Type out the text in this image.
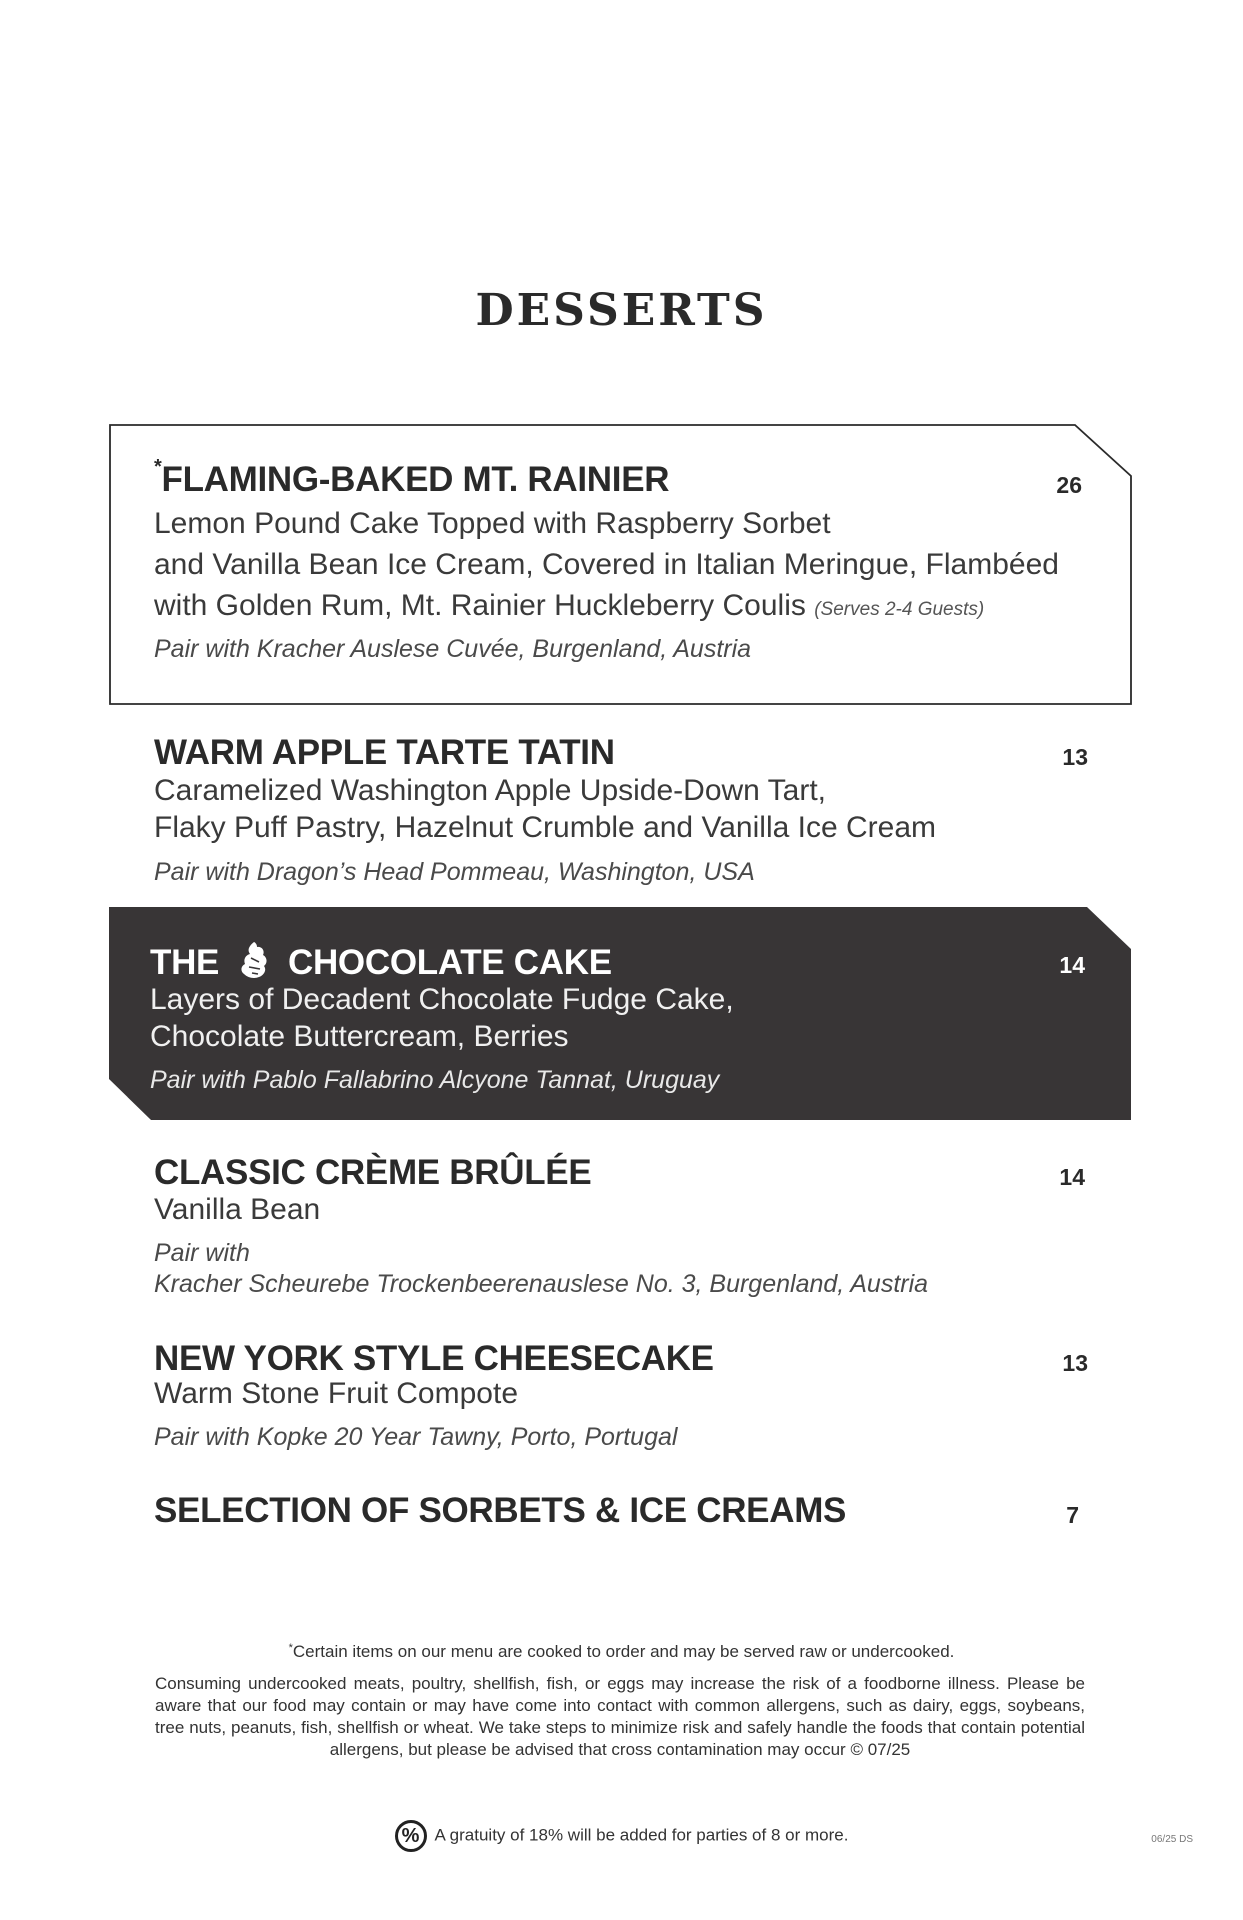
DESSERTS
*FLAMING-BAKED MT. RAINIER	26
Lemon Pound Cake Topped with Raspberry Sorbet
and Vanilla Bean Ice Cream, Covered in Italian Meringue, Flambéed
with Golden Rum, Mt. Rainier Huckleberry Coulis (Serves 2-4 Guests)
Pair with Kracher Auslese Cuvée, Burgenland, Austria
WARM APPLE TARTE TATIN	13
Caramelized Washington Apple Upside-Down Tart,
Flaky Puff Pastry, Hazelnut Crumble and Vanilla Ice Cream
Pair with Dragon’s Head Pommeau, Washington, USA
THE CHOCOLATE CAKE	14
Layers of Decadent Chocolate Fudge Cake,
Chocolate Buttercream, Berries
Pair with Pablo Fallabrino Alcyone Tannat, Uruguay
CLASSIC CRÈME BRÛLÉE	14
Vanilla Bean
Pair with
Kracher Scheurebe Trockenbeerenauslese No. 3, Burgenland, Austria
NEW YORK STYLE CHEESECAKE	13
Warm Stone Fruit Compote
Pair with Kopke 20 Year Tawny, Porto, Portugal
SELECTION OF SORBETS & ICE CREAMS	7
*Certain items on our menu are cooked to order and may be served raw or undercooked.
Consuming undercooked meats, poultry, shellfish, fish, or eggs may increase the risk of a foodborne illness. Please be aware that our food may contain or may have come into contact with common allergens, such as dairy, eggs, soybeans, tree nuts, peanuts, fish, shellfish or wheat. We take steps to minimize risk and safely handle the foods that contain potential allergens, but please be advised that cross contamination may occur © 07/25
% A gratuity of 18% will be added for parties of 8 or more.	06/25 DS
